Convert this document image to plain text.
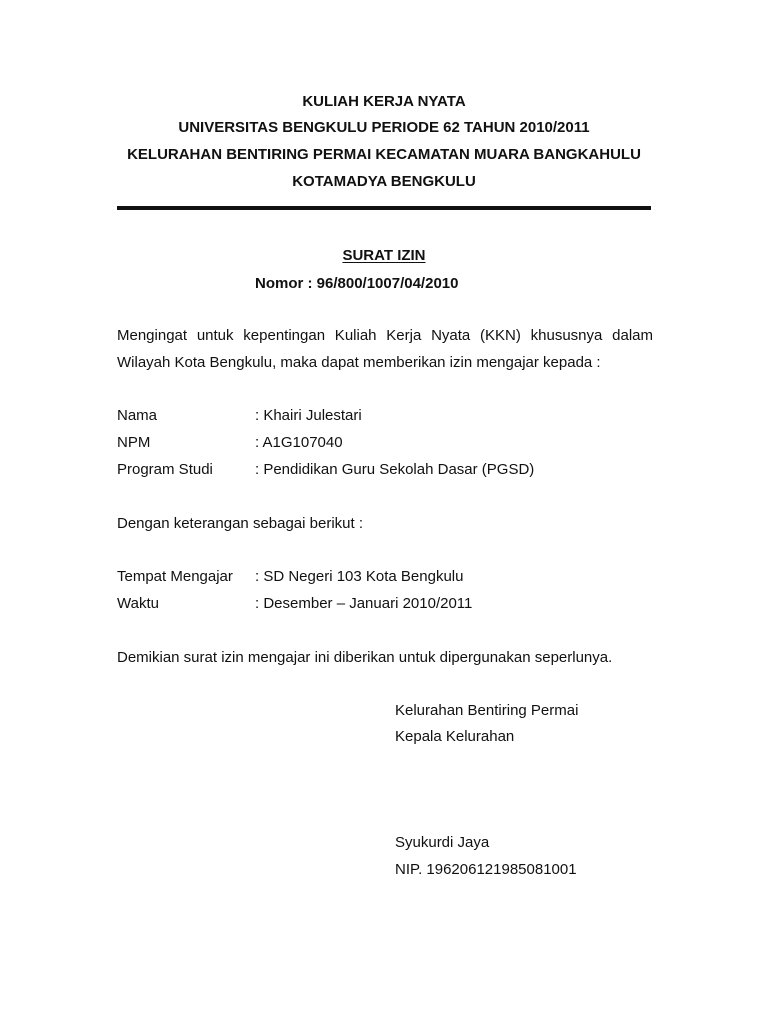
KULIAH KERJA NYATA
UNIVERSITAS BENGKULU PERIODE 62 TAHUN 2010/2011
KELURAHAN BENTIRING PERMAI KECAMATAN MUARA BANGKAHULU
KOTAMADYA BENGKULU
SURAT IZIN
Nomor : 96/800/1007/04/2010
Mengingat untuk kepentingan Kuliah Kerja Nyata (KKN) khususnya dalam
Wilayah Kota Bengkulu, maka dapat memberikan izin mengajar kepada :
Nama	: Khairi Julestari
NPM	: A1G107040
Program Studi	: Pendidikan Guru Sekolah Dasar (PGSD)
Dengan keterangan sebagai berikut :
Tempat Mengajar : SD Negeri 103 Kota Bengkulu
Waktu	: Desember – Januari 2010/2011
Demikian surat izin mengajar ini diberikan untuk dipergunakan seperlunya.
Kelurahan Bentiring Permai
Kepala Kelurahan
Syukurdi Jaya
NIP. 196206121985081001
